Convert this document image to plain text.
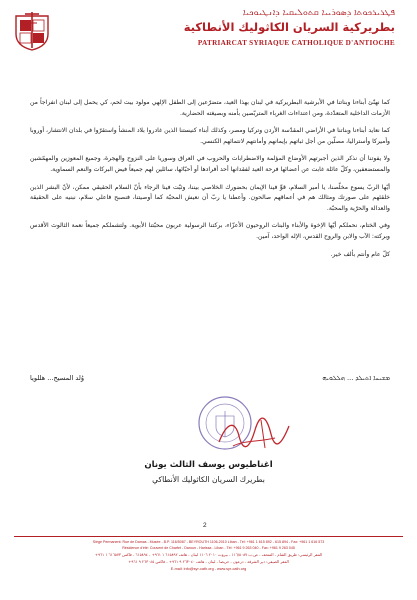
ܦܛܪܝܪܟܘܬܐ ܕܣܘܪܝܝܐ ܩܬܘܠܝܩܝܐ ܕܐܢܛܝܘܟܝܐ
بطريركية السريان الكاثوليك الأنطاكية
PATRIARCAT SYRIAQUE CATHOLIQUE D'ANTIOCHE

كما نهنّئ أبناءنا وبناتنا في الأبرشية البطريركية في لبنان بهذا العيد، متضرّعين إلى الطفل الإلهي مولود بيت لحم، كي يحمل إلى لبنان انفراجاً من الأزمات الداخلية المتعدّدة، ومن اعتداءات الغرباء المتربّصين بأمنه وبصيغته الحضارية.

كما نعايد أبناءنا وبناتنا في الأراضي المقدّسة الأردن وتركيا ومصر، وكذلك أبناء كنيستنا الذين غادروا بلاد المنشأ واستقرّوا في بلدان الانتشار، أوروبا وأميركا وأستراليا، مصلّين من أجل ثباتهم بإيمانهم وأمانتهم لانتمائهم الكنسي.

ولا يفوتنا أن نذكر الذين أجبرتهم الأوضاع المؤلمة والاضطرابات والحروب في العراق وسوريا على النزوح والهجرة، وجميع المعوزين والمهمّشين والمستضعفين، وكلّ عائلة غابت عن أعضائها فرحة العيد لفقدانها أحد أفرادها أو أحبّائها، سائلين لهم جميعاً فيض البركات والنعم السماوية.

أيّها الربّ يسوع مخلّصنا، يا أمير السلام، قوِّ فينا الإيمان بحضورك الخلاصي بيننا، وثبّت فينا الرجاء بأنّ السلام الحقيقي ممكن، لأنّ البشر الذين خلقتَهم على صورتك ومثالك هم في أعماقهم صالحون. وأعطنا يا ربّ أن نعيش المحبّة كما أوصيتنا، فنصبح فاعلي سلام، نبنيه على الحقيقة والعدالة والحرّية والمحبّة.

وفي الختام، نحملكم أيّها الإخوة والأبناء والبنات الروحيون الأعزّاء، بركتنا الرسولية عربون محبّتنا الأبوية. ولتشملكم جميعاً نعمة الثالوث الأقدس وبركته: الآب والابن والروح القدس، الإله الواحد، آمين.

كلّ عام وأنتم بألف خير.

ܡܫܝܚܐ ܐܬܝܠܕ ... ܗܠܠܘܝܗ
وُلد المسيح... هللويا
اغناطيوس يوسف الثالث يونان
بطريرك السريان الكاثوليك الأنطاكي
2
Siège Permanent: Rue de Damas - Musée - B.P. 116/5087 - BEYROUTH 1106-2010 Liban - Tél: +961 1 615 892 - 615 894 - Fax: +961 1 616 573
Résidence d'été: Couvent de Charfet - Daroun - Harissa - Liban - Tél: +961 9 263 040 - Fax: +961 9 263 045
المقر الرئيسي: طريق الشام - المتحف - ص.ب ١١٦/٥٠٨٧ - بيروت ٢٠١٠ ١١٠٦ لبنان - هاتف ٦١٥٨٩٢ ١ ٩٦١+ - ٦١٥٨٩٤ - فاكس ٦١٦٥٧٣ ١ ٩٦١+
المقر الصيفي: دير الشرفة - درعون - حريصا - لبنان - هاتف ٢٦٣٠٤٠ ٩ ٩٦١+ - فاكس ٢٦٣٠٤٥ ٩ ٩٦١+
E-mail: info@syr-cath.org - www.syr-cath.org
